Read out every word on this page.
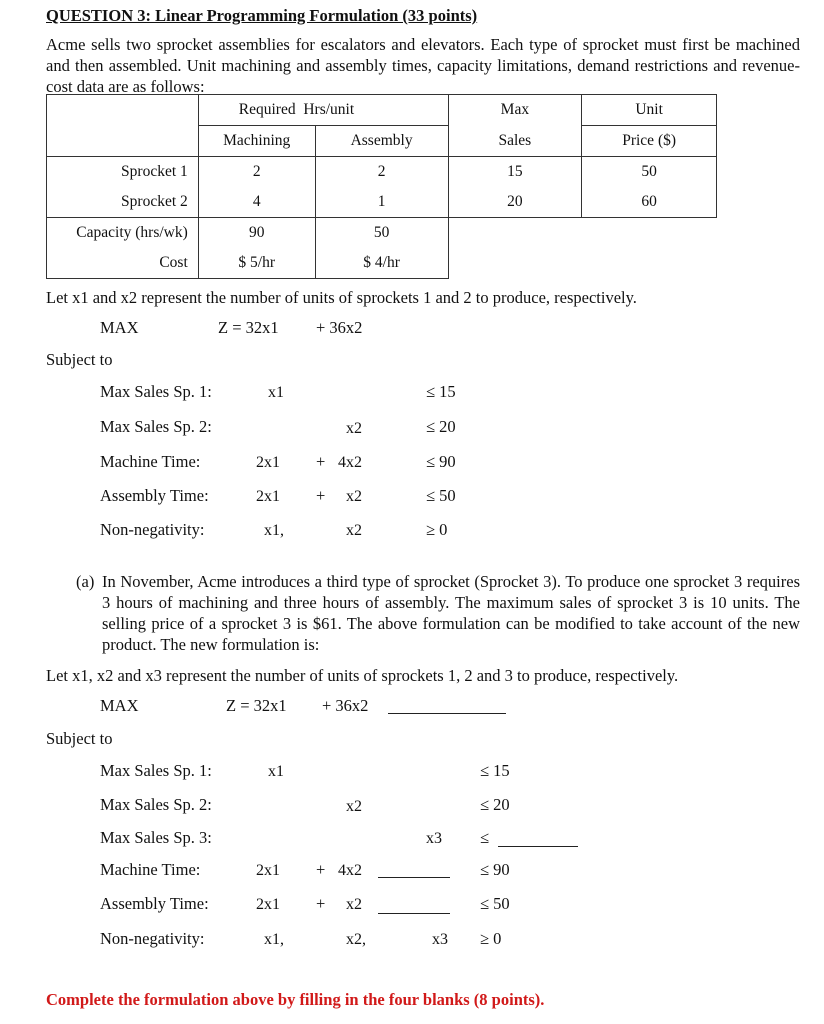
QUESTION 3: Linear Programming Formulation (33 points)
Acme sells two sprocket assemblies for escalators and elevators. Each type of sprocket must first be machined and then assembled. Unit machining and assembly times, capacity limitations, demand restrictions and revenue-cost data are as follows:
	Required Hrs/unit		Max	Unit
	Machining	Assembly	Sales	Price ($)
Sprocket 1	2	2	15	50
Sprocket 2	4	1	20	60
Capacity (hrs/wk)	90	50		
Cost	$ 5/hr	$ 4/hr		
Let x1 and x2 represent the number of units of sprockets 1 and 2 to produce, respectively.
MAX	Z = 32x1 + 36x2
Subject to
Max Sales Sp. 1:	x1	≤ 15
Max Sales Sp. 2:	x2	≤ 20
Machine Time:	2x1 + 4x2	≤ 90
Assembly Time:	2x1 + x2	≤ 50
Non-negativity:	x1,	x2	≥ 0
(a) In November, Acme introduces a third type of sprocket (Sprocket 3). To produce one sprocket 3 requires 3 hours of machining and three hours of assembly. The maximum sales of sprocket 3 is 10 units. The selling price of a sprocket 3 is $61. The above formulation can be modified to take account of the new product. The new formulation is:
Let x1, x2 and x3 represent the number of units of sprockets 1, 2 and 3 to produce, respectively.
MAX	Z = 32x1 + 36x2
Subject to
Max Sales Sp. 1:	x1	≤ 15
Max Sales Sp. 2:	x2	≤ 20
Max Sales Sp. 3:	x3 ≤
Machine Time:	2x1 + 4x2	≤ 90
Assembly Time:	2x1 + x2	≤ 50
Non-negativity:	x1,	x2,	x3 ≥ 0
Complete the formulation above by filling in the four blanks (8 points).
